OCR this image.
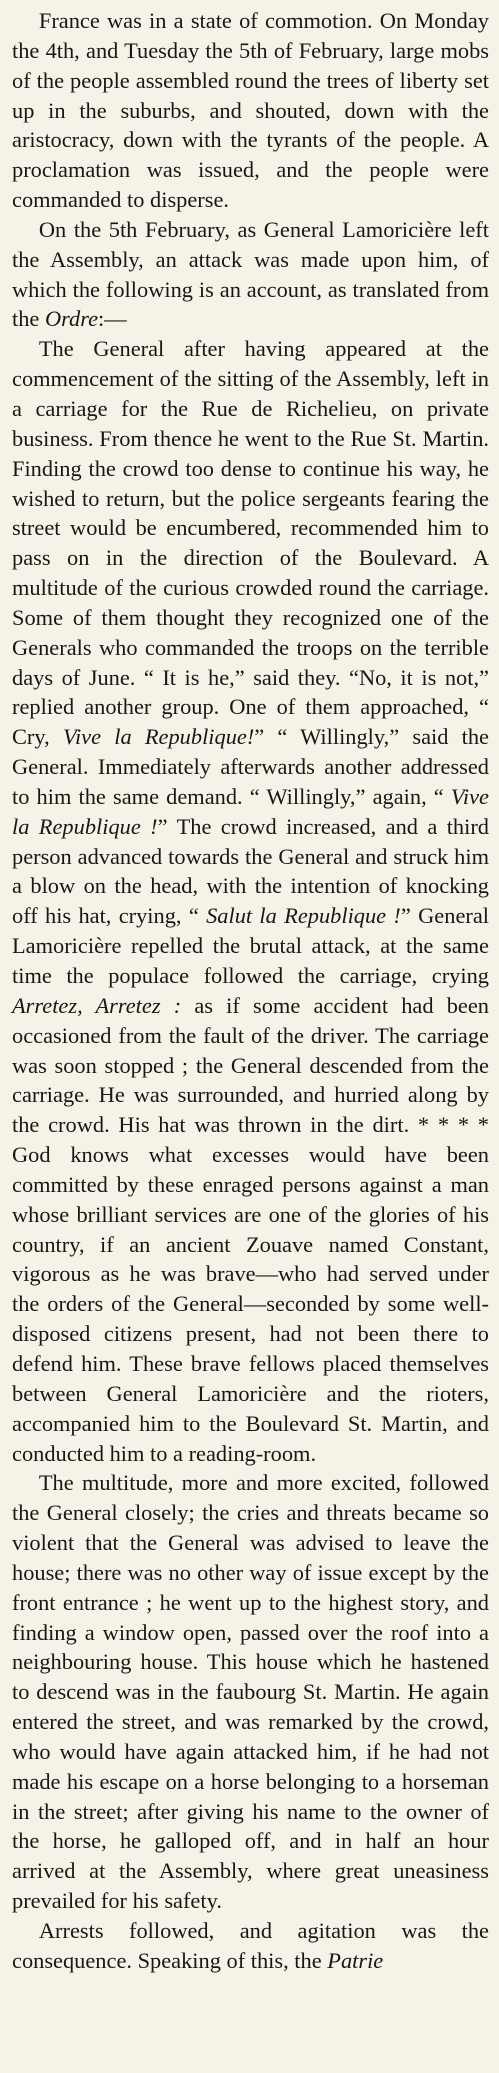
France was in a state of commotion. On Monday the 4th, and Tuesday the 5th of February, large mobs of the people assembled round the trees of liberty set up in the suburbs, and shouted, down with the aristocracy, down with the tyrants of the people. A proclamation was issued, and the people were commanded to disperse.

On the 5th February, as General Lamoricière left the Assembly, an attack was made upon him, of which the following is an account, as translated from the Ordre:—

The General after having appeared at the commencement of the sitting of the Assembly, left in a carriage for the Rue de Richelieu, on private business. From thence he went to the Rue St. Martin. Finding the crowd too dense to continue his way, he wished to return, but the police sergeants fearing the street would be encumbered, recommended him to pass on in the direction of the Boulevard. A multitude of the curious crowded round the carriage. Some of them thought they recognized one of the Generals who commanded the troops on the terrible days of June. “ It is he,” said they. “No, it is not,” replied another group. One of them approached, “ Cry, Vive la Republique!” “ Willingly,” said the General. Immediately afterwards another addressed to him the same demand. “ Willingly,” again, “ Vive la Republique !” The crowd increased, and a third person advanced towards the General and struck him a blow on the head, with the intention of knocking off his hat, crying, “ Salut la Republique !” General Lamoricière repelled the brutal attack, at the same time the populace followed the carriage, crying Arretez, Arretez : as if some accident had been occasioned from the fault of the driver. The carriage was soon stopped ; the General descended from the carriage. He was surrounded, and hurried along by the crowd. His hat was thrown in the dirt. * * * * God knows what excesses would have been committed by these enraged persons against a man whose brilliant services are one of the glories of his country, if an ancient Zouave named Constant, vigorous as he was brave—who had served under the orders of the General—seconded by some well-disposed citizens present, had not been there to defend him. These brave fellows placed themselves between General Lamoricière and the rioters, accompanied him to the Boulevard St. Martin, and conducted him to a reading-room.

The multitude, more and more excited, followed the General closely; the cries and threats became so violent that the General was advised to leave the house; there was no other way of issue except by the front entrance ; he went up to the highest story, and finding a window open, passed over the roof into a neighbouring house. This house which he hastened to descend was in the faubourg St. Martin. He again entered the street, and was remarked by the crowd, who would have again attacked him, if he had not made his escape on a horse belonging to a horseman in the street; after giving his name to the owner of the horse, he galloped off, and in half an hour arrived at the Assembly, where great uneasiness prevailed for his safety.

Arrests followed, and agitation was the consequence. Speaking of this, the Patrie
